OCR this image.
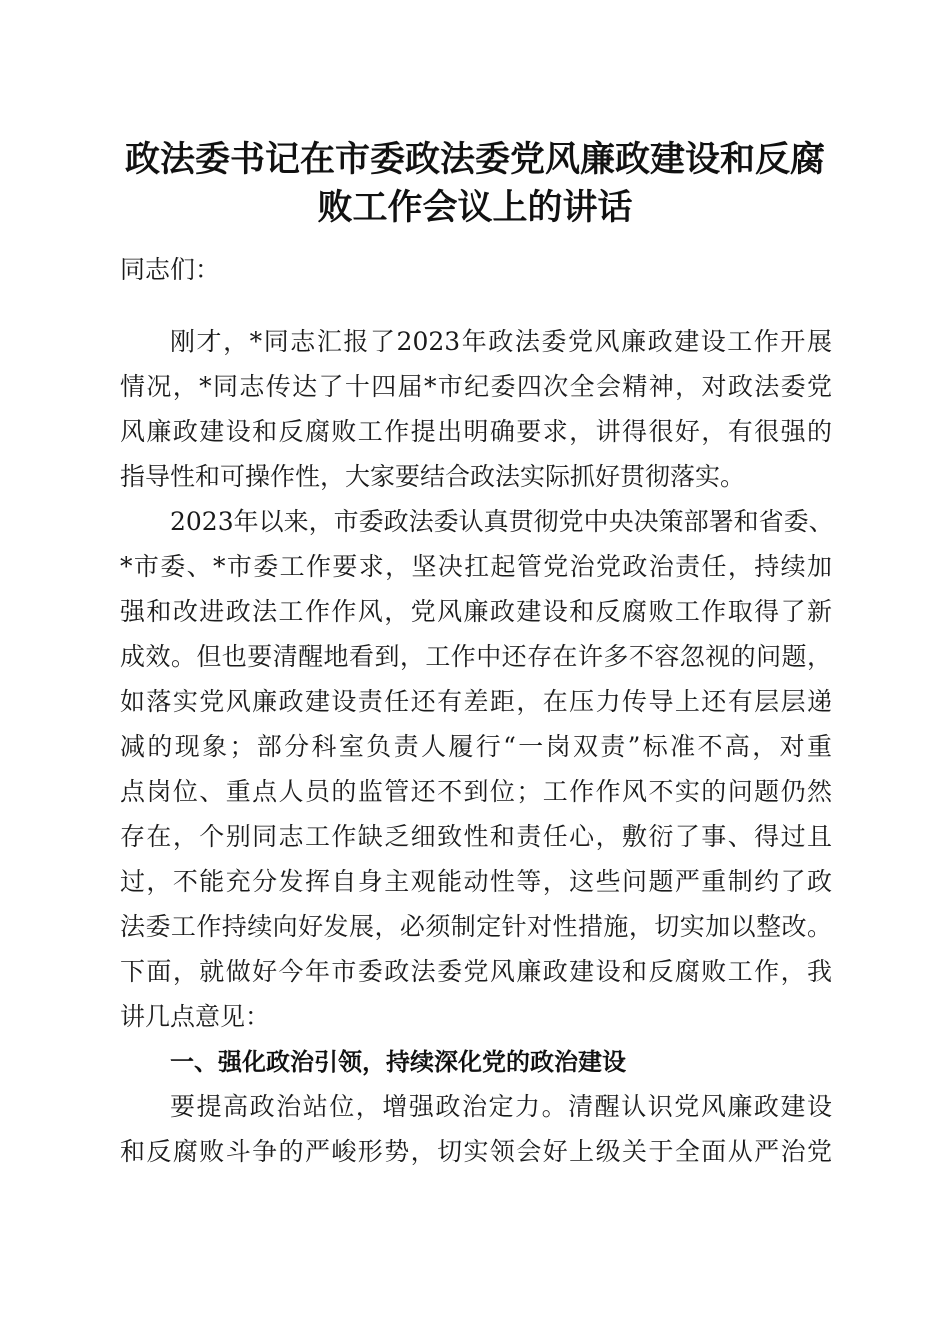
政法委书记在市委政法委党风廉政建设和反腐
败工作会议上的讲话
同志们：
刚才，*同志汇报了2023年政法委党风廉政建设工作开展
情况，*同志传达了十四届*市纪委四次全会精神，对政法委党
风廉政建设和反腐败工作提出明确要求，讲得很好，有很强的
指导性和可操作性，大家要结合政法实际抓好贯彻落实。
2023年以来，市委政法委认真贯彻党中央决策部署和省委、
*市委、*市委工作要求，坚决扛起管党治党政治责任，持续加
强和改进政法工作作风，党风廉政建设和反腐败工作取得了新
成效。但也要清醒地看到，工作中还存在许多不容忽视的问题，
如落实党风廉政建设责任还有差距，在压力传导上还有层层递
减的现象；部分科室负责人履行“一岗双责”标准不高，对重
点岗位、重点人员的监管还不到位；工作作风不实的问题仍然
存在，个别同志工作缺乏细致性和责任心，敷衍了事、得过且
过，不能充分发挥自身主观能动性等，这些问题严重制约了政
法委工作持续向好发展，必须制定针对性措施，切实加以整改。
下面，就做好今年市委政法委党风廉政建设和反腐败工作，我
讲几点意见：
一、强化政治引领，持续深化党的政治建设
要提高政治站位，增强政治定力。清醒认识党风廉政建设
和反腐败斗争的严峻形势，切实领会好上级关于全面从严治党
